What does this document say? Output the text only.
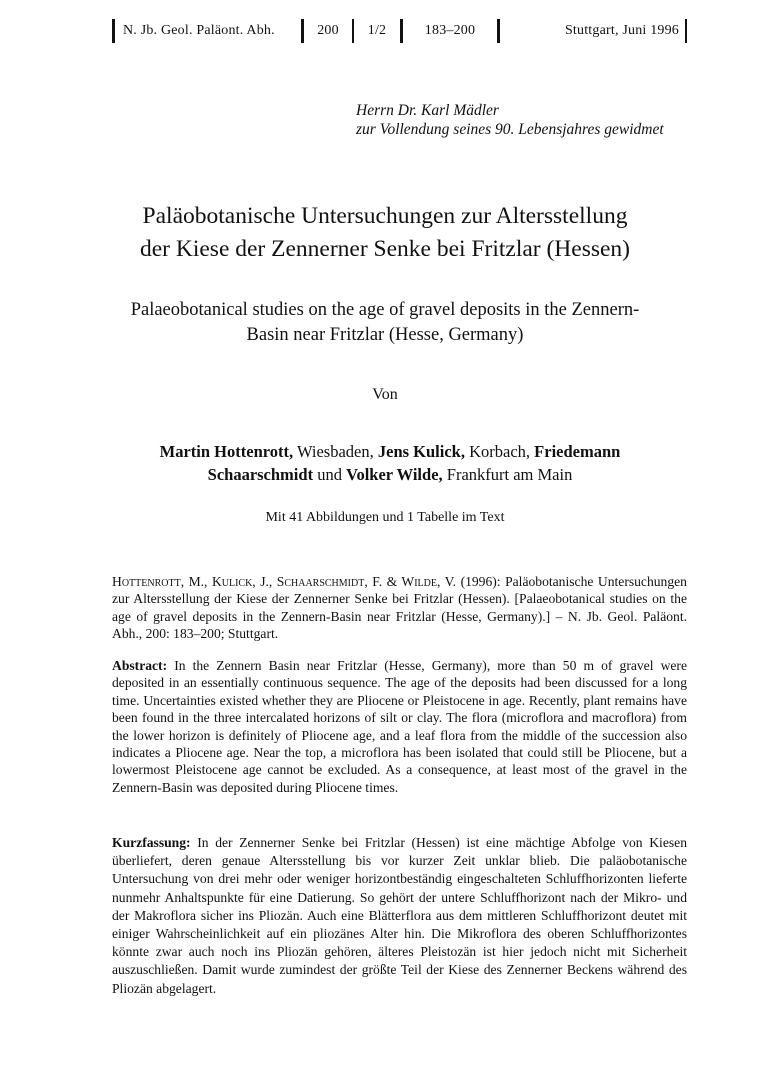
N. Jb. Geol. Paläont. Abh.	200	1/2	183–200	Stuttgart, Juni 1996
Herrn Dr. Karl Mädler
zur Vollendung seines 90. Lebensjahres gewidmet
Paläobotanische Untersuchungen zur Altersstellung
der Kiese der Zennerner Senke bei Fritzlar (Hessen)
Palaeobotanical studies on the age of gravel deposits in the Zennern-
Basin near Fritzlar (Hesse, Germany)
Von
Martin Hottenrott, Wiesbaden, Jens Kulick, Korbach, Friedemann Schaarschmidt und Volker Wilde, Frankfurt am Main
Mit 41 Abbildungen und 1 Tabelle im Text
Hottenrott, M., Kulick, J., Schaarschmidt, F. & Wilde, V. (1996): Paläobotanische Untersuchungen zur Altersstellung der Kiese der Zennerner Senke bei Fritzlar (Hessen). [Palaeobotanical studies on the age of gravel deposits in the Zennern-Basin near Fritzlar (Hesse, Germany).] – N. Jb. Geol. Paläont. Abh., 200: 183–200; Stuttgart.
Abstract: In the Zennern Basin near Fritzlar (Hesse, Germany), more than 50 m of gravel were deposited in an essentially continuous sequence. The age of the deposits had been discussed for a long time. Uncertainties existed whether they are Pliocene or Pleistocene in age. Recently, plant remains have been found in the three intercalated horizons of silt or clay. The flora (microflora and macroflora) from the lower horizon is definitely of Pliocene age, and a leaf flora from the middle of the succession also indicates a Pliocene age. Near the top, a microflora has been isolated that could still be Pliocene, but a lowermost Pleistocene age cannot be excluded. As a consequence, at least most of the gravel in the Zennern-Basin was deposited during Pliocene times.
Kurzfassung: In der Zennerner Senke bei Fritzlar (Hessen) ist eine mächtige Abfolge von Kiesen überliefert, deren genaue Altersstellung bis vor kurzer Zeit unklar blieb. Die paläobotanische Untersuchung von drei mehr oder weniger horizontbeständig eingeschalteten Schluffhorizonten lieferte nunmehr Anhaltspunkte für eine Datierung. So gehört der untere Schluffhorizont nach der Mikro- und der Makroflora sicher ins Pliozän. Auch eine Blätterflora aus dem mittleren Schluffhorizont deutet mit einiger Wahrscheinlichkeit auf ein pliozänes Alter hin. Die Mikroflora des oberen Schluffhorizontes könnte zwar auch noch ins Pliozän gehören, älteres Pleistozän ist hier jedoch nicht mit Sicherheit auszuschließen. Damit wurde zumindest der größte Teil der Kiese des Zennerner Beckens während des Pliozän abgelagert.
